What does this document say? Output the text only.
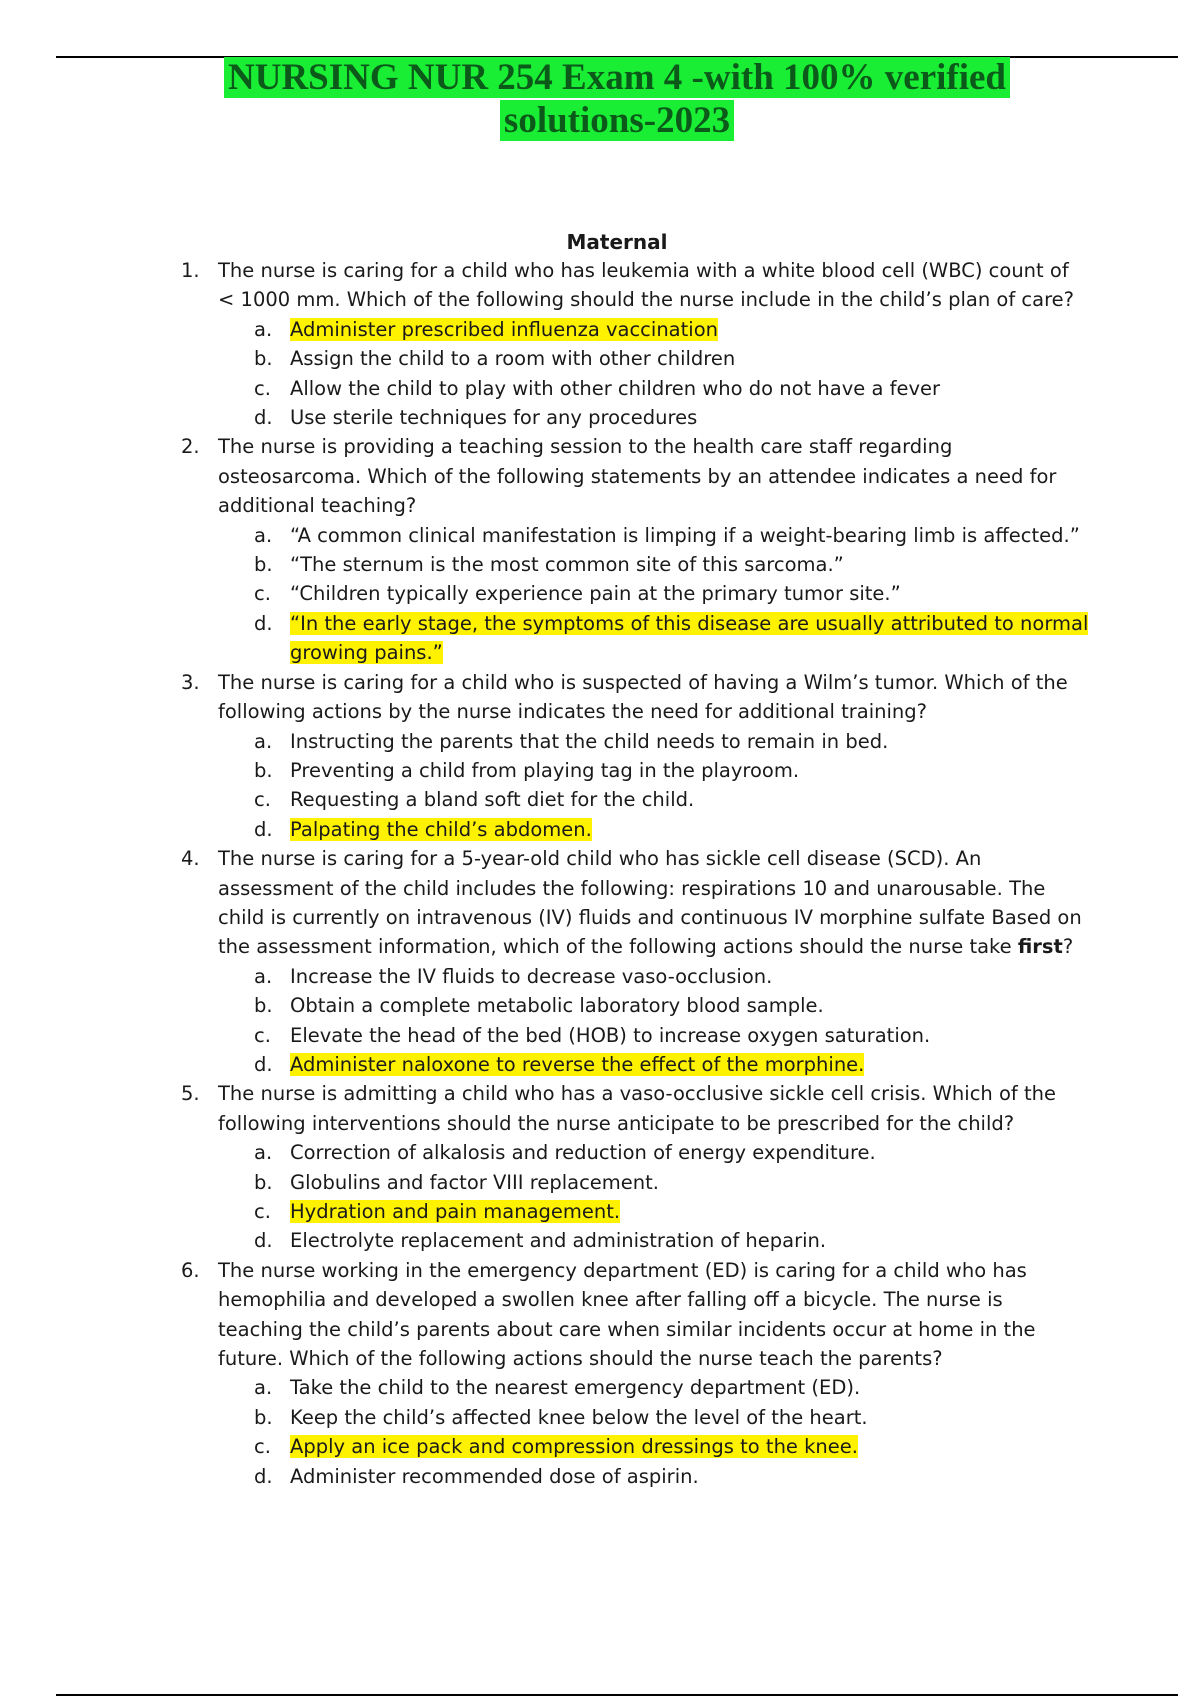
NURSING NUR 254 Exam 4 -with 100% verified
solutions-2023
Maternal
1. The nurse is caring for a child who has leukemia with a white blood cell (WBC) count of < 1000 mm. Which of the following should the nurse include in the child’s plan of care?
a. Administer prescribed influenza vaccination
b. Assign the child to a room with other children
c. Allow the child to play with other children who do not have a fever
d. Use sterile techniques for any procedures
2. The nurse is providing a teaching session to the health care staff regarding osteosarcoma. Which of the following statements by an attendee indicates a need for additional teaching?
a. “A common clinical manifestation is limping if a weight-bearing limb is affected.”
b. “The sternum is the most common site of this sarcoma.”
c. “Children typically experience pain at the primary tumor site.”
d. “In the early stage, the symptoms of this disease are usually attributed to normal growing pains.”
3. The nurse is caring for a child who is suspected of having a Wilm’s tumor. Which of the following actions by the nurse indicates the need for additional training?
a. Instructing the parents that the child needs to remain in bed.
b. Preventing a child from playing tag in the playroom.
c. Requesting a bland soft diet for the child.
d. Palpating the child’s abdomen.
4. The nurse is caring for a 5-year-old child who has sickle cell disease (SCD). An assessment of the child includes the following: respirations 10 and unarousable. The child is currently on intravenous (IV) fluids and continuous IV morphine sulfate Based on the assessment information, which of the following actions should the nurse take first?
a. Increase the IV fluids to decrease vaso-occlusion.
b. Obtain a complete metabolic laboratory blood sample.
c. Elevate the head of the bed (HOB) to increase oxygen saturation.
d. Administer naloxone to reverse the effect of the morphine.
5. The nurse is admitting a child who has a vaso-occlusive sickle cell crisis. Which of the following interventions should the nurse anticipate to be prescribed for the child?
a. Correction of alkalosis and reduction of energy expenditure.
b. Globulins and factor VIII replacement.
c. Hydration and pain management.
d. Electrolyte replacement and administration of heparin.
6. The nurse working in the emergency department (ED) is caring for a child who has hemophilia and developed a swollen knee after falling off a bicycle. The nurse is teaching the child’s parents about care when similar incidents occur at home in the future. Which of the following actions should the nurse teach the parents?
a. Take the child to the nearest emergency department (ED).
b. Keep the child’s affected knee below the level of the heart.
c. Apply an ice pack and compression dressings to the knee.
d. Administer recommended dose of aspirin.
